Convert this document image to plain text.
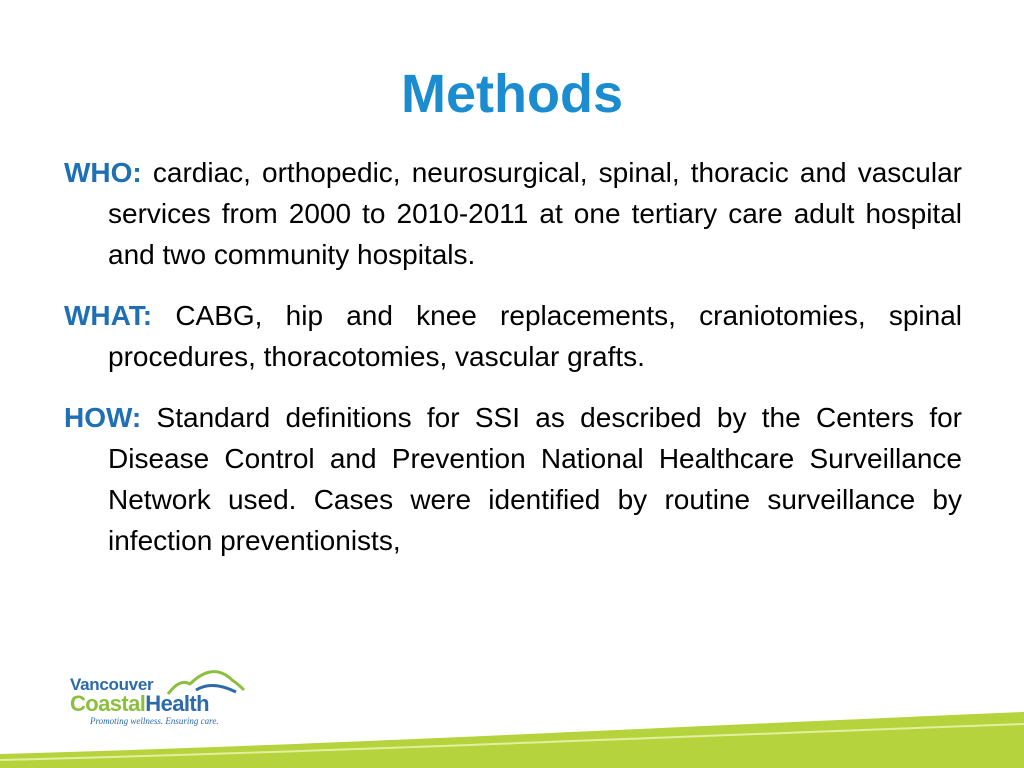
Methods

WHO: cardiac, orthopedic, neurosurgical, spinal, thoracic and vascular services from 2000 to 2010-2011 at one tertiary care adult hospital and two community hospitals.

WHAT: CABG, hip and knee replacements, craniotomies, spinal procedures, thoracotomies, vascular grafts.

HOW: Standard definitions for SSI as described by the Centers for Disease Control and Prevention National Healthcare Surveillance Network used. Cases were identified by routine surveillance by infection preventionists,

Vancouver
CoastalHealth
Promoting wellness. Ensuring care.
